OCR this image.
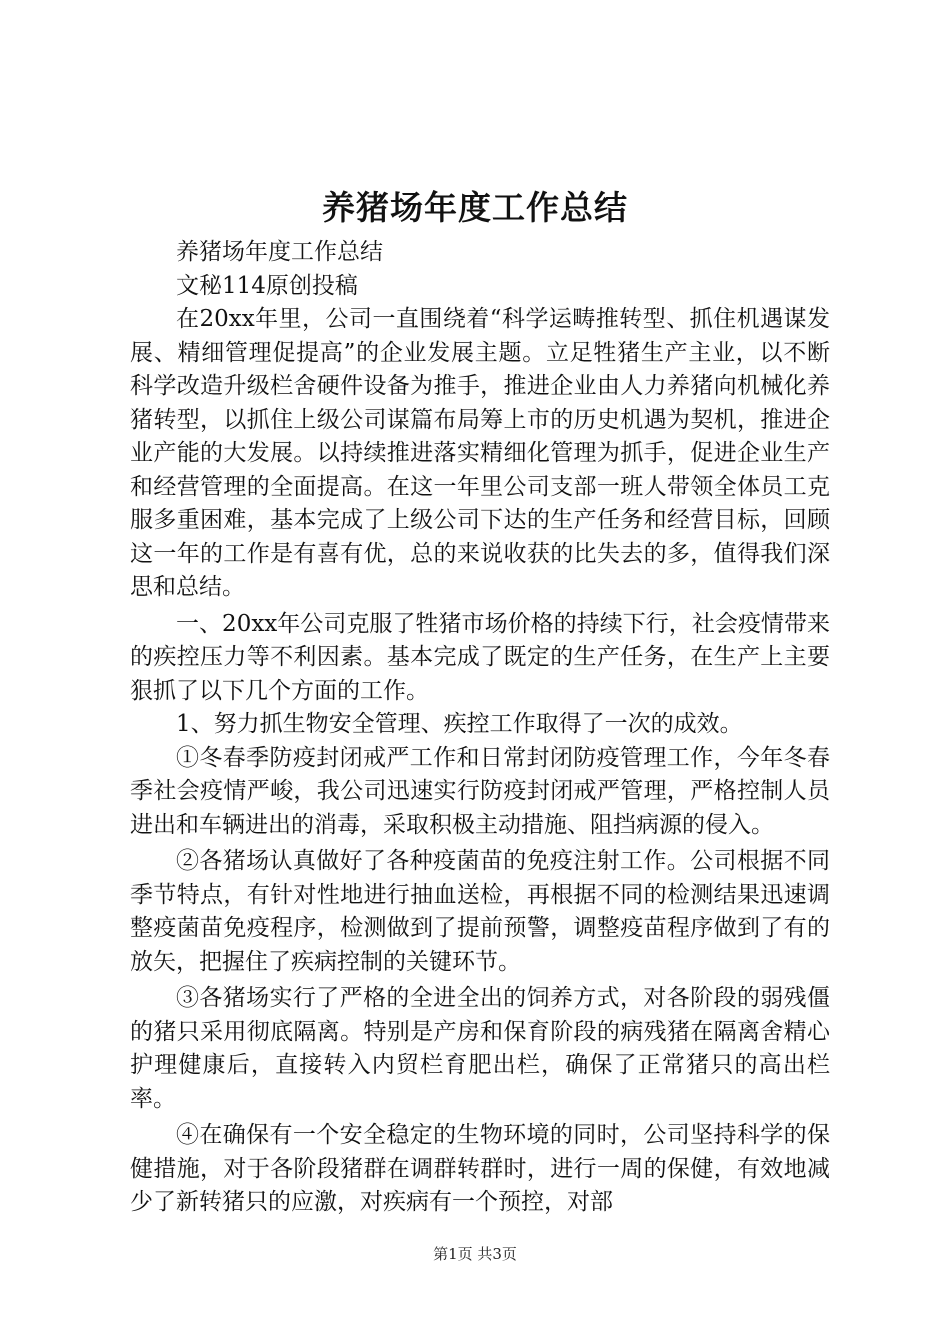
养猪场年度工作总结

养猪场年度工作总结

文秘114原创投稿

在20xx年里，公司一直围绕着“科学运畴推转型、抓住机遇谋发展、精细管理促提高”的企业发展主题。立足牲猪生产主业，以不断科学改造升级栏舍硬件设备为推手，推进企业由人力养猪向机械化养猪转型，以抓住上级公司谋篇布局筹上市的历史机遇为契机，推进企业产能的大发展。以持续推进落实精细化管理为抓手，促进企业生产和经营管理的全面提高。在这一年里公司支部一班人带领全体员工克服多重困难，基本完成了上级公司下达的生产任务和经营目标，回顾这一年的工作是有喜有优，总的来说收获的比失去的多，值得我们深思和总结。

一、20xx年公司克服了牲猪市场价格的持续下行，社会疫情带来的疾控压力等不利因素。基本完成了既定的生产任务，在生产上主要狠抓了以下几个方面的工作。

1、努力抓生物安全管理、疾控工作取得了一次的成效。

①冬春季防疫封闭戒严工作和日常封闭防疫管理工作，今年冬春季社会疫情严峻，我公司迅速实行防疫封闭戒严管理，严格控制人员进出和车辆进出的消毒，采取积极主动措施、阻挡病源的侵入。

②各猪场认真做好了各种疫菌苗的免疫注射工作。公司根据不同季节特点，有针对性地进行抽血送检，再根据不同的检测结果迅速调整疫菌苗免疫程序，检测做到了提前预警，调整疫苗程序做到了有的放矢，把握住了疾病控制的关键环节。

③各猪场实行了严格的全进全出的饲养方式，对各阶段的弱残僵的猪只采用彻底隔离。特别是产房和保育阶段的病残猪在隔离舍精心护理健康后，直接转入内贸栏育肥出栏，确保了正常猪只的高出栏率。

④在确保有一个安全稳定的生物环境的同时，公司坚持科学的保健措施，对于各阶段猪群在调群转群时，进行一周的保健，有效地减少了新转猪只的应激，对疾病有一个预控，对部

第1页 共3页
